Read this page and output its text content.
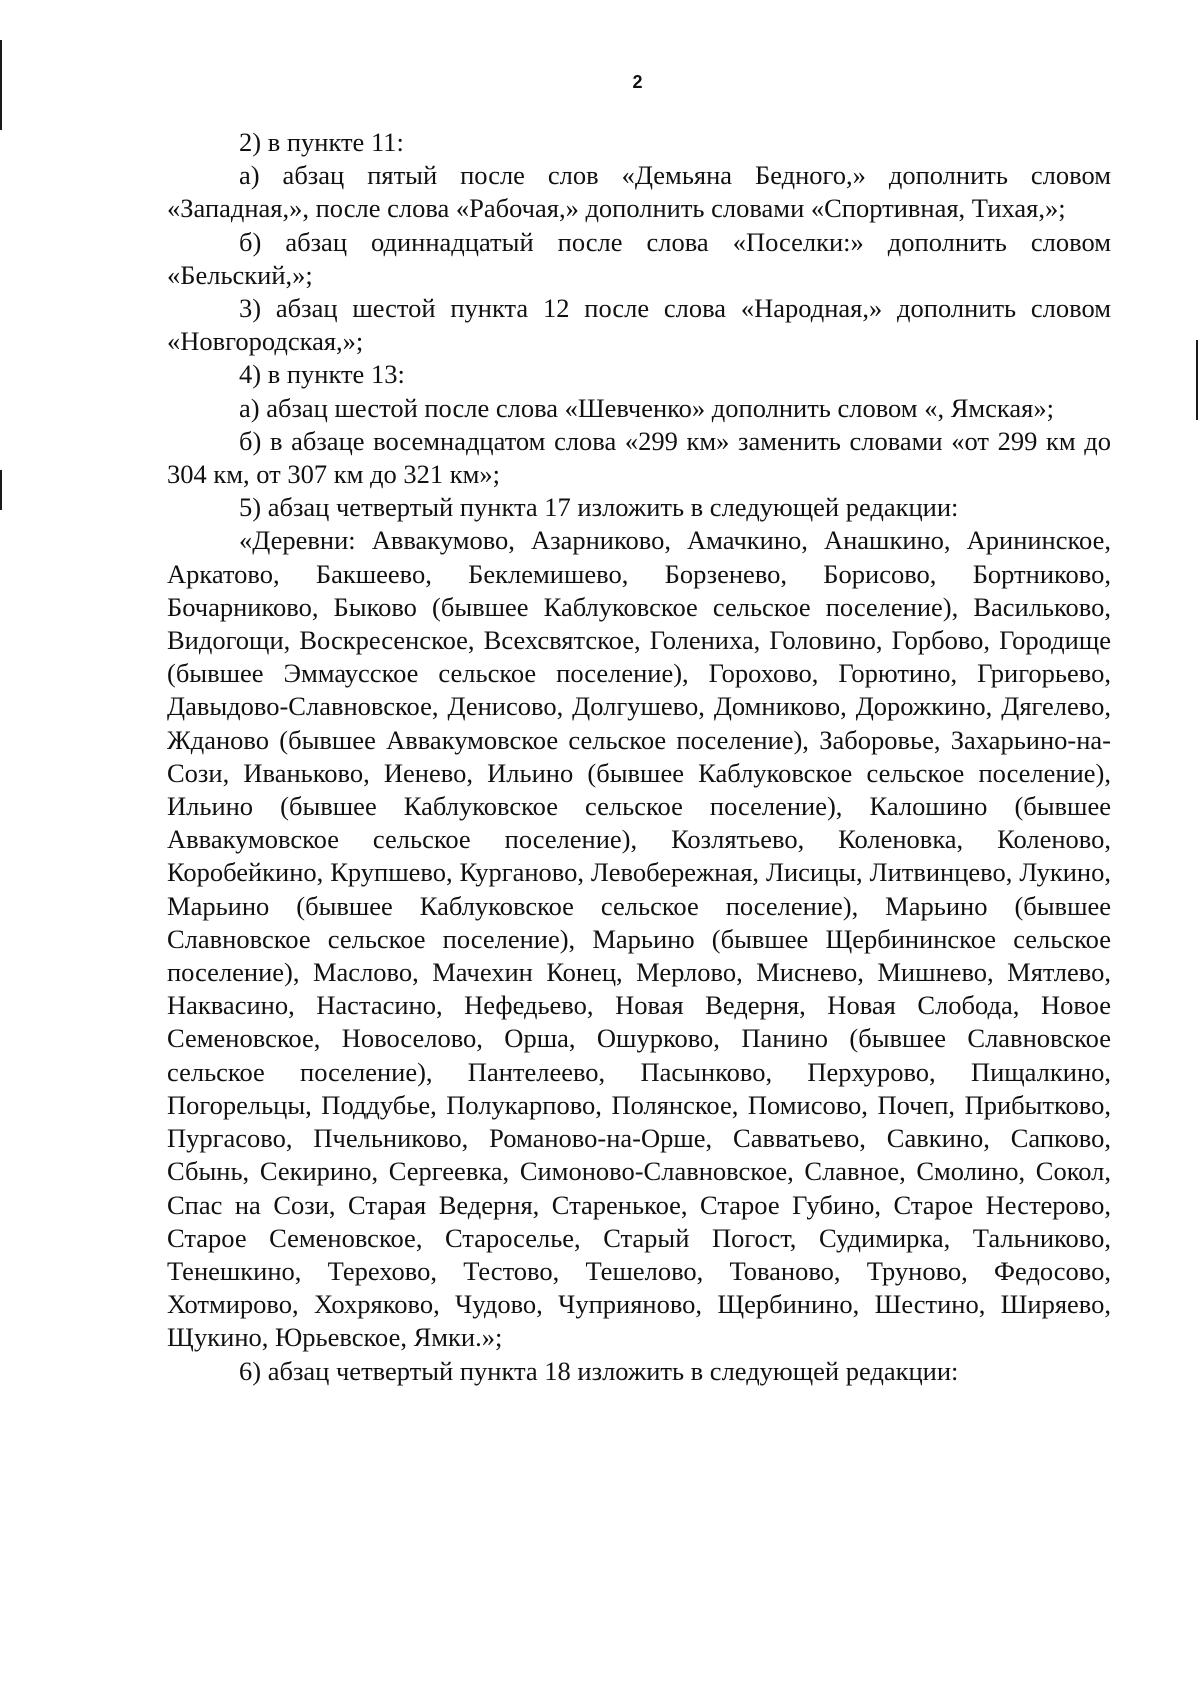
2

2) в пункте 11:

а) абзац пятый после слов «Демьяна Бедного,» дополнить словом «Западная,», после слова «Рабочая,» дополнить словами «Спортивная, Тихая,»;

б) абзац одиннадцатый после слова «Поселки:» дополнить словом «Бельский,»;

3) абзац шестой пункта 12 после слова «Народная,» дополнить словом «Новгородская,»;

4) в пункте 13:

а) абзац шестой после слова «Шевченко» дополнить словом «, Ямская»;

б) в абзаце восемнадцатом слова «299 км» заменить словами «от 299 км до 304 км, от 307 км до 321 км»;

5) абзац четвертый пункта 17 изложить в следующей редакции:

«Деревни: Аввакумово, Азарниково, Амачкино, Анашкино, Арининское, Аркатово, Бакшеево, Беклемишево, Борзенево, Борисово, Бортниково, Бочарниково, Быково (бывшее Каблуковское сельское поселение), Васильково, Видогощи, Воскресенское, Всехсвятское, Голениха, Головино, Горбово, Городище (бывшее Эммаусское сельское поселение), Горохово, Горютино, Григорьево, Давыдово-Славновское, Денисово, Долгушево, Домниково, Дорожкино, Дягелево, Жданово (бывшее Аввакумовское сельское поселение), Заборовье, Захарьино-на-Сози, Иваньково, Иенево, Ильино (бывшее Каблуковское сельское поселение), Ильино (бывшее Каблуковское сельское поселение), Калошино (бывшее Аввакумовское сельское поселение), Козлятьево, Коленовка, Коленово, Коробейкино, Крупшево, Курганово, Левобережная, Лисицы, Литвинцево, Лукино, Марьино (бывшее Каблуковское сельское поселение), Марьино (бывшее Славновское сельское поселение), Марьино (бывшее Щербининское сельское поселение), Маслово, Мачехин Конец, Мерлово, Миснево, Мишнево, Мятлево, Наквасино, Настасино, Нефедьево, Новая Ведерня, Новая Слобода, Новое Семеновское, Новоселово, Орша, Ошурково, Панино (бывшее Славновское сельское поселение), Пантелеево, Пасынково, Перхурово, Пищалкино, Погорельцы, Поддубье, Полукарпово, Полянское, Помисово, Почеп, Прибытково, Пургасово, Пчельниково, Романово-на-Орше, Савватьево, Савкино, Сапково, Сбынь, Секирино, Сергеевка, Симоново-Славновское, Славное, Смолино, Сокол, Спас на Сози, Старая Ведерня, Старенькое, Старое Губино, Старое Нестерово, Старое Семеновское, Староселье, Старый Погост, Судимирка, Тальниково, Тенешкино, Терехово, Тестово, Тешелово, Тованово, Труново, Федосово, Хотмирово, Хохряково, Чудово, Чуприяново, Щербинино, Шестино, Ширяево, Щукино, Юрьевское, Ямки.»;

6) абзац четвертый пункта 18 изложить в следующей редакции:
